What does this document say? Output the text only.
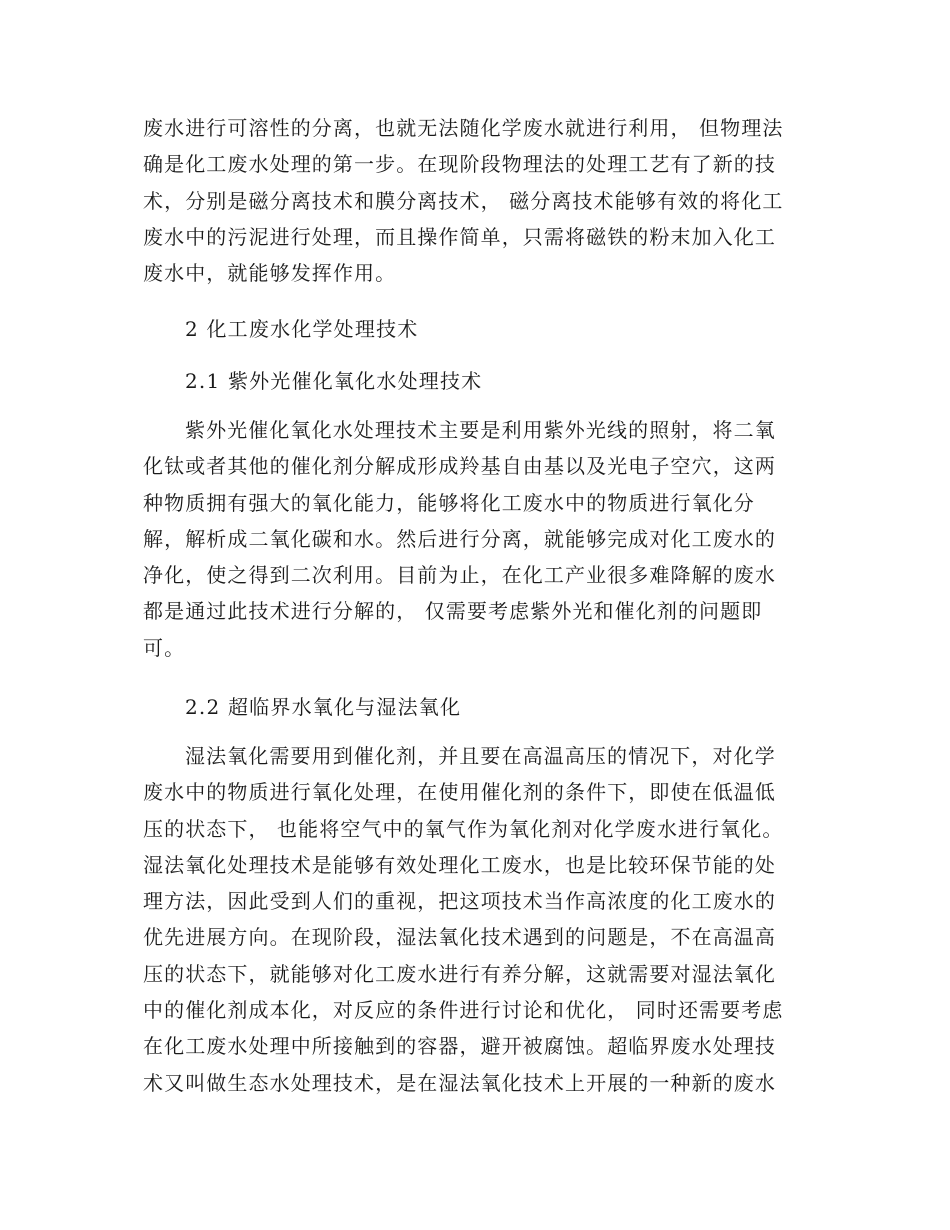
废水进行可溶性的分离，也就无法随化学废水就进行利用， 但物理法
确是化工废水处理的第一步。在现阶段物理法的处理工艺有了新的技
术，分别是磁分离技术和膜分离技术， 磁分离技术能够有效的将化工
废水中的污泥进行处理，而且操作简单，只需将磁铁的粉末加入化工
废水中，就能够发挥作用。
2 化工废水化学处理技术
2.1 紫外光催化氧化水处理技术
紫外光催化氧化水处理技术主要是利用紫外光线的照射，将二氧
化钛或者其他的催化剂分解成形成羚基自由基以及光电子空穴，这两
种物质拥有强大的氧化能力，能够将化工废水中的物质进行氧化分
解，解析成二氧化碳和水。然后进行分离，就能够完成对化工废水的
净化，使之得到二次利用。目前为止，在化工产业很多难降解的废水
都是通过此技术进行分解的， 仅需要考虑紫外光和催化剂的问题即
可。
2.2 超临界水氧化与湿法氧化
湿法氧化需要用到催化剂，并且要在高温高压的情况下，对化学
废水中的物质进行氧化处理，在使用催化剂的条件下，即使在低温低
压的状态下， 也能将空气中的氧气作为氧化剂对化学废水进行氧化。
湿法氧化处理技术是能够有效处理化工废水，也是比较环保节能的处
理方法，因此受到人们的重视，把这项技术当作高浓度的化工废水的
优先进展方向。在现阶段，湿法氧化技术遇到的问题是，不在高温高
压的状态下，就能够对化工废水进行有养分解，这就需要对湿法氧化
中的催化剂成本化，对反应的条件进行讨论和优化， 同时还需要考虑
在化工废水处理中所接触到的容器，避开被腐蚀。超临界废水处理技
术又叫做生态水处理技术，是在湿法氧化技术上开展的一种新的废水
